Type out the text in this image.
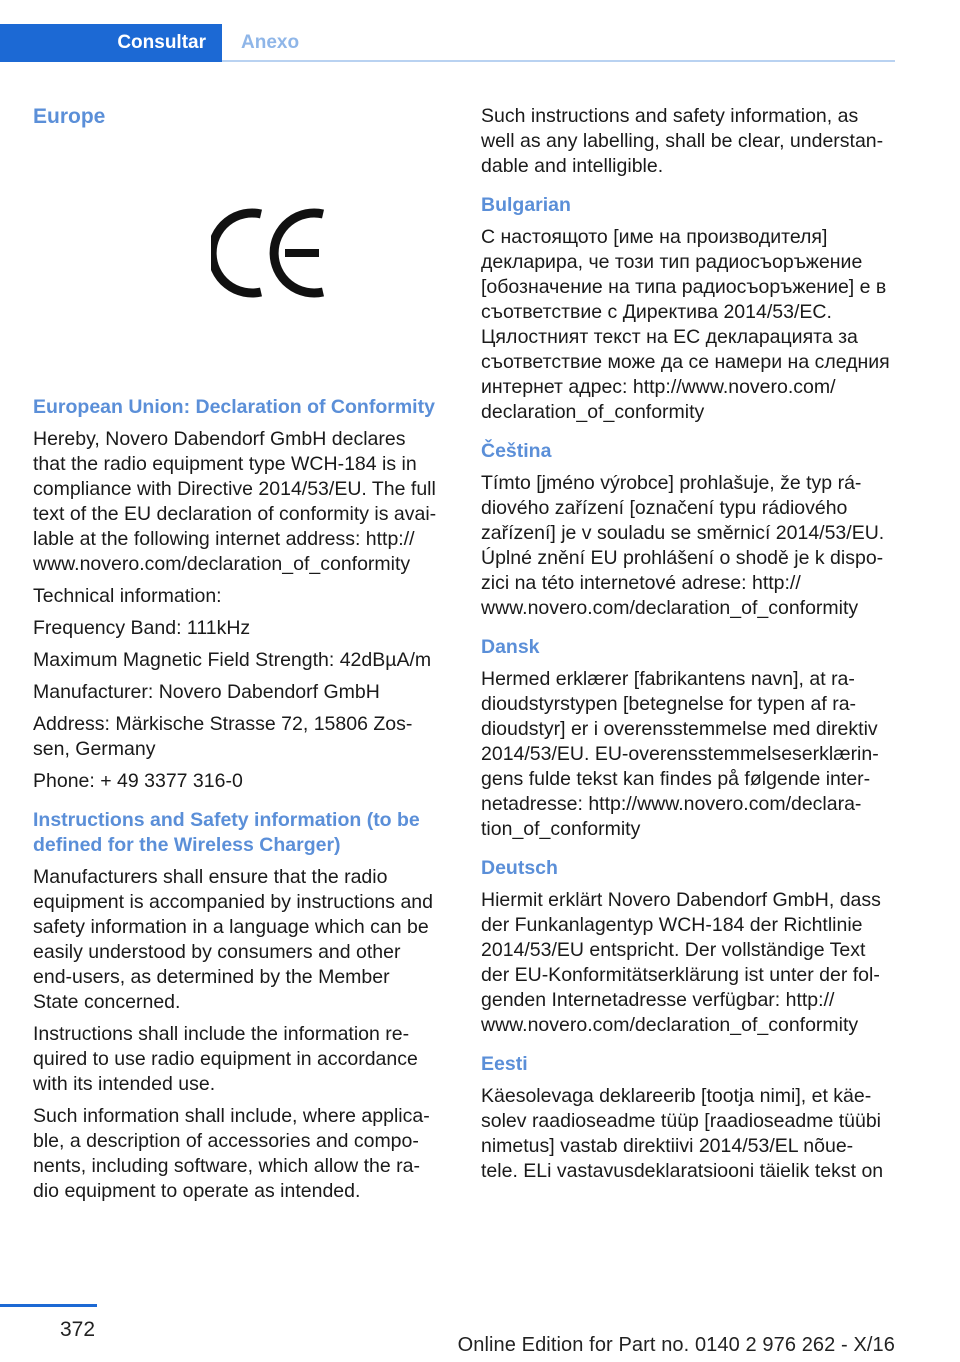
Consultar	Anexo
Europe
European Union: Declaration of Conformity

Hereby, Novero Dabendorf GmbH declares
that the radio equipment type WCH-184 is in
compliance with Directive 2014/53/EU. The full
text of the EU declaration of conformity is avai‐
lable at the following internet address: http://
www.novero.com/declaration_of_conformity

Technical information:

Frequency Band: 111kHz

Maximum Magnetic Field Strength: 42dBµA/m

Manufacturer: Novero Dabendorf GmbH

Address: Märkische Strasse 72, 15806 Zos‐
sen, Germany

Phone: + 49 3377 316-0

Instructions and Safety information (to be
defined for the Wireless Charger)

Manufacturers shall ensure that the radio
equipment is accompanied by instructions and
safety information in a language which can be
easily understood by consumers and other
end-users, as determined by the Member
State concerned.

Instructions shall include the information re‐
quired to use radio equipment in accordance
with its intended use.

Such information shall include, where applica‐
ble, a description of accessories and compo‐
nents, including software, which allow the ra‐
dio equipment to operate as intended.

Such instructions and safety information, as
well as any labelling, shall be clear, understan‐
dable and intelligible.

Bulgarian

С настоящото [име на производителя]
декларира, че този тип радиосъоръжение
[обозначение на типа радиосъоръжение] е в
съответствие с Директива 2014/53/ЕС.
Цялостният текст на ЕС декларацията за
съответствие може да се намери на следния
интернет адрес: http://www.novero.com/
declaration_of_conformity

Čeština

Tímto [jméno výrobce] prohlašuje, že typ rá‐
diového zařízení [označení typu rádiového
zařízení] je v souladu se směrnicí 2014/53/EU.
Úplné znění EU prohlášení o shodě je k dispo‐
zici na této internetové adrese: http://
www.novero.com/declaration_of_conformity

Dansk

Hermed erklærer [fabrikantens navn], at ra‐
dioudstyrstypen [betegnelse for typen af ra‐
dioudstyr] er i overensstemmelse med direktiv
2014/53/EU. EU-overensstemmelseserklærin‐
gens fulde tekst kan findes på følgende inter‐
netadresse: http://www.novero.com/declara‐
tion_of_conformity

Deutsch

Hiermit erklärt Novero Dabendorf GmbH, dass
der Funkanlagentyp WCH-184 der Richtlinie
2014/53/EU entspricht. Der vollständige Text
der EU-Konformitätserklärung ist unter der fol‐
genden Internetadresse verfügbar: http://
www.novero.com/declaration_of_conformity

Eesti

Käesolevaga deklareerib [tootja nimi], et käe‐
solev raadioseadme tüüp [raadioseadme tüübi
nimetus] vastab direktiivi 2014/53/EL nõue‐
tele. ELi vastavusdeklaratsiooni täielik tekst on

372
Online Edition for Part no. 0140 2 976 262 - X/16
